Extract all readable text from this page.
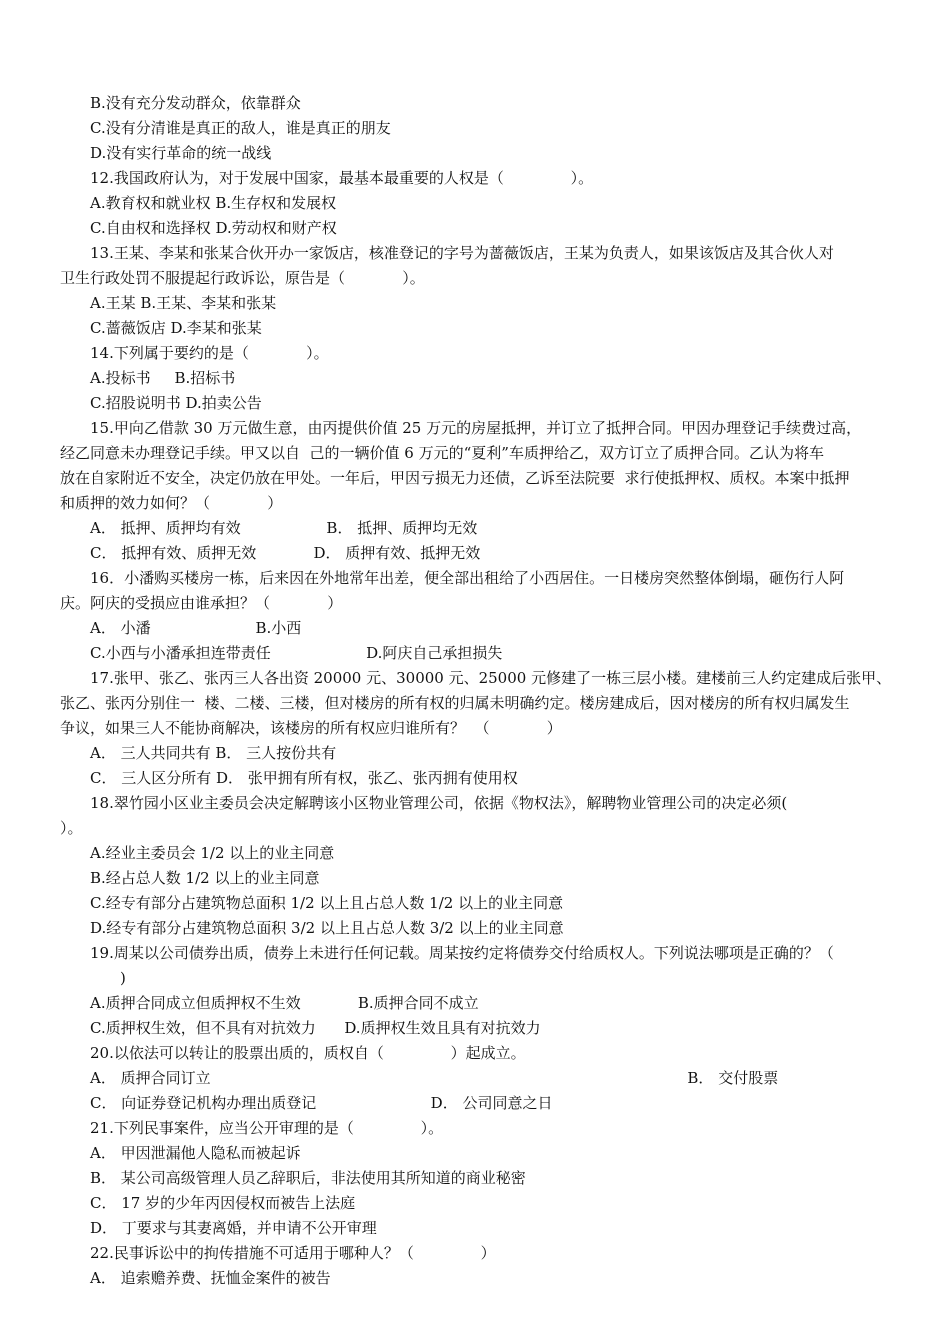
B.没有充分发动群众，依靠群众
C.没有分清谁是真正的敌人，谁是真正的朋友
D.没有实行革命的统一战线
12.我国政府认为，对于发展中国家，最基本最重要的人权是（              ）。
A.教育权和就业权 B.生存权和发展权
C.自由权和选择权 D.劳动权和财产权
13.王某、李某和张某合伙开办一家饭店，核准登记的字号为蔷薇饭店，王某为负责人，如果该饭店及其合伙人对
卫生行政处罚不服提起行政诉讼，原告是（            ）。
A.王某 B.王某、李某和张某
C.蔷薇饭店 D.李某和张某
14.下列属于要约的是（            ）。
A.投标书     B.招标书
C.招股说明书 D.拍卖公告
15.甲向乙借款 30 万元做生意，由丙提供价值 25 万元的房屋抵押，并订立了抵押合同。甲因办理登记手续费过高，
经乙同意未办理登记手续。甲又以自  己的一辆价值 6 万元的“夏利”车质押给乙，双方订立了质押合同。乙认为将车
放在自家附近不安全，决定仍放在甲处。一年后，甲因亏损无力还债，乙诉至法院要  求行使抵押权、质权。本案中抵押
和质押的效力如何？（            ）
A． 抵押、质押均有效                  B． 抵押、质押均无效
C． 抵押有效、质押无效            D． 质押有效、抵押无效
16．小潘购买楼房一栋，后来因在外地常年出差，便全部出租给了小西居住。一日楼房突然整体倒塌，砸伤行人阿
庆。阿庆的受损应由谁承担？（            ）
A． 小潘                      B.小西
C.小西与小潘承担连带责任                    D.阿庆自己承担损失
17.张甲、张乙、张丙三人各出资 20000 元、30000 元、25000 元修建了一栋三层小楼。建楼前三人约定建成后张甲、
张乙、张丙分别住一  楼、二楼、三楼，但对楼房的所有权的归属未明确约定。楼房建成后，因对楼房的所有权归属发生
争议，如果三人不能协商解决，该楼房的所有权应归谁所有？  （            ）
A． 三人共同共有 B． 三人按份共有
C． 三人区分所有 D． 张甲拥有所有权，张乙、张丙拥有使用权
18.翠竹园小区业主委员会决定解聘该小区物业管理公司，依据《物权法》，解聘物业管理公司的决定必须(
）。
A.经业主委员会 1/2 以上的业主同意
B.经占总人数 1/2 以上的业主同意
C.经专有部分占建筑物总面积 1/2 以上且占总人数 1/2 以上的业主同意
D.经专有部分占建筑物总面积 3/2 以上且占总人数 3/2 以上的业主同意
19.周某以公司债券出质，债券上未进行任何记载。周某按约定将债券交付给质权人。下列说法哪项是正确的？（
)
A.质押合同成立但质押权不生效            B.质押合同不成立
C.质押权生效，但不具有对抗效力      D.质押权生效且具有对抗效力
20.以依法可以转让的股票出质的，质权自（              ）起成立。
A． 质押合同订立                                                                                                    B． 交付股票
C． 向证券登记机构办理出质登记                        D． 公司同意之日
21.下列民事案件，应当公开审理的是（              ）。
A． 甲因泄漏他人隐私而被起诉
B． 某公司高级管理人员乙辞职后，非法使用其所知道的商业秘密
C． 17 岁的少年丙因侵权而被告上法庭
D． 丁要求与其妻离婚，并申请不公开审理
22.民事诉讼中的拘传措施不可适用于哪种人？（              ）
A． 追索赡养费、抚恤金案件的被告
